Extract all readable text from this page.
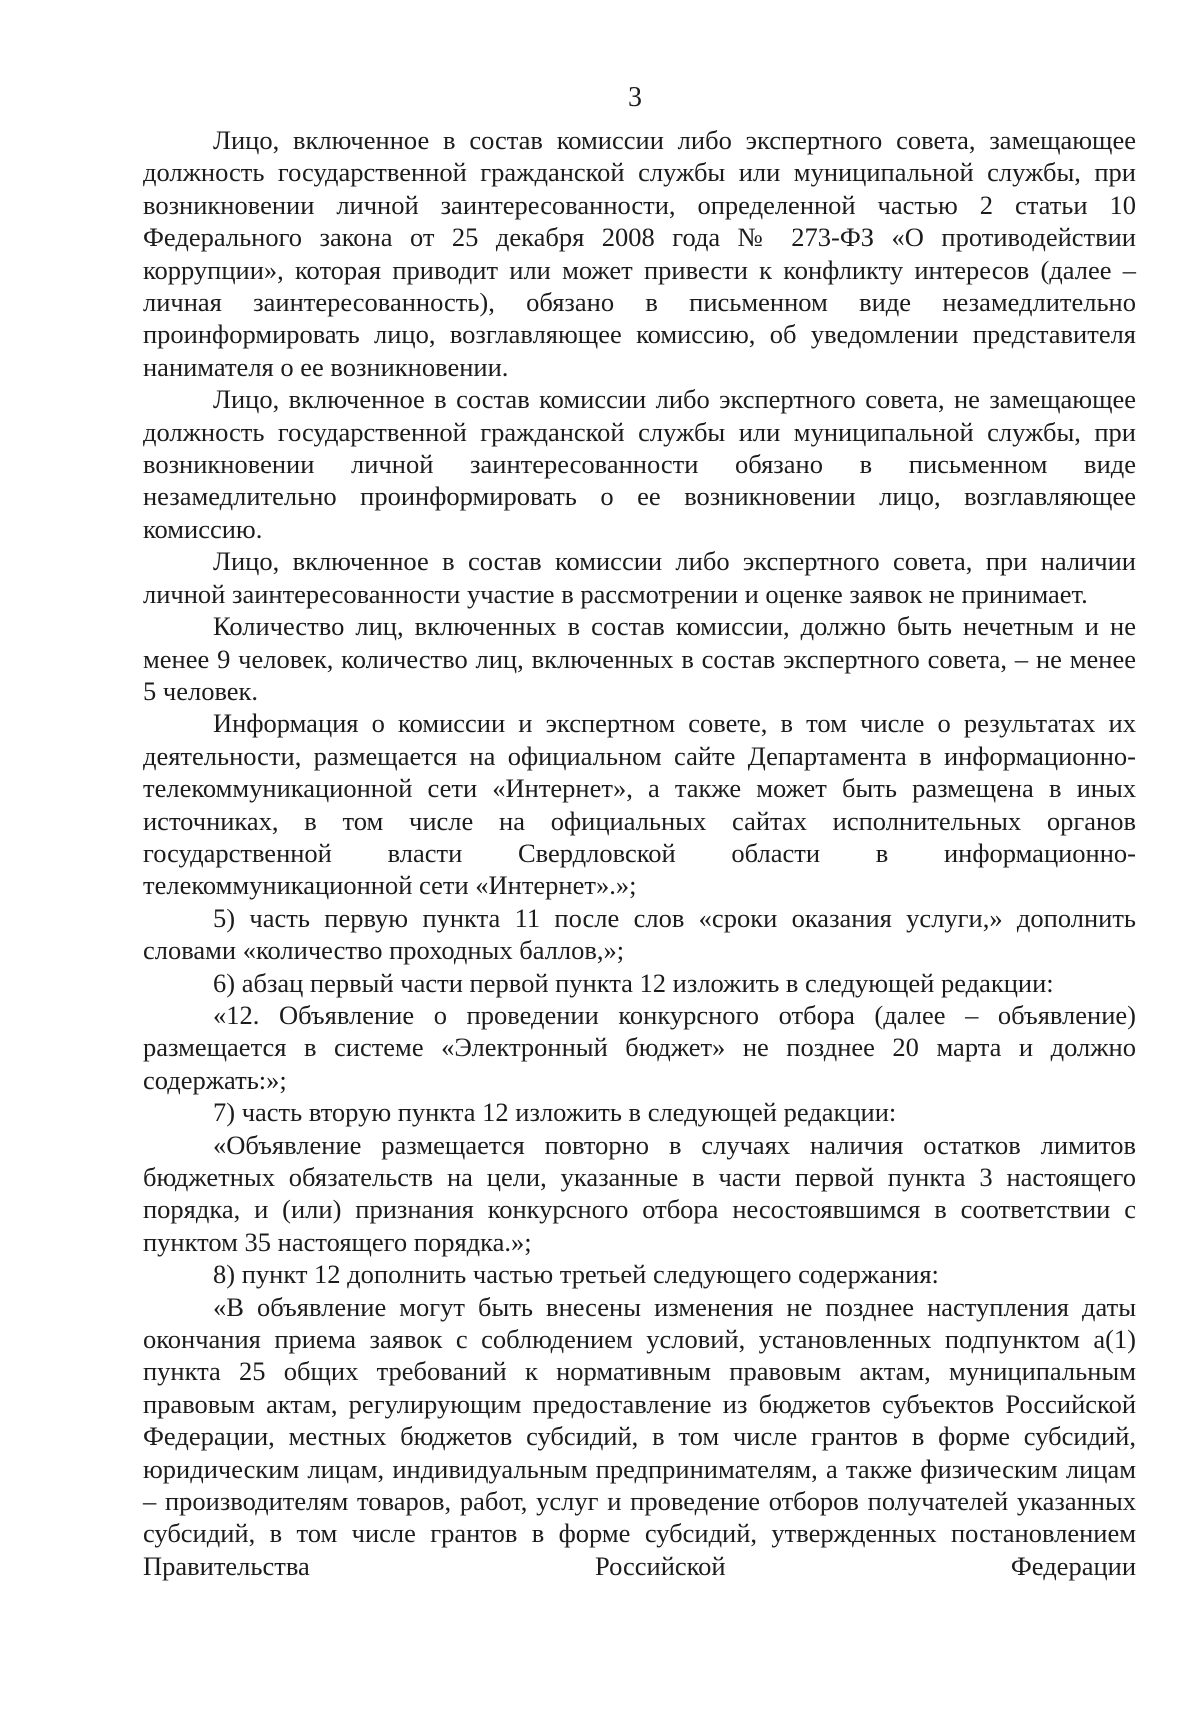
3

Лицо, включенное в состав комиссии либо экспертного совета, замещающее должность государственной гражданской службы или муниципальной службы, при возникновении личной заинтересованности, определенной частью 2 статьи 10 Федерального закона от 25 декабря 2008 года № 273-ФЗ «О противодействии коррупции», которая приводит или может привести к конфликту интересов (далее – личная заинтересованность), обязано в письменном виде незамедлительно проинформировать лицо, возглавляющее комиссию, об уведомлении представителя нанимателя о ее возникновении.

Лицо, включенное в состав комиссии либо экспертного совета, не замещающее должность государственной гражданской службы или муниципальной службы, при возникновении личной заинтересованности обязано в письменном виде незамедлительно проинформировать о ее возникновении лицо, возглавляющее комиссию.

Лицо, включенное в состав комиссии либо экспертного совета, при наличии личной заинтересованности участие в рассмотрении и оценке заявок не принимает.

Количество лиц, включенных в состав комиссии, должно быть нечетным и не менее 9 человек, количество лиц, включенных в состав экспертного совета, – не менее 5 человек.

Информация о комиссии и экспертном совете, в том числе о результатах их деятельности, размещается на официальном сайте Департамента в информационно-телекоммуникационной сети «Интернет», а также может быть размещена в иных источниках, в том числе на официальных сайтах исполнительных органов государственной власти Свердловской области в информационно-телекоммуникационной сети «Интернет».»;

5) часть первую пункта 11 после слов «сроки оказания услуги,» дополнить словами «количество проходных баллов,»;

6) абзац первый части первой пункта 12 изложить в следующей редакции:

«12. Объявление о проведении конкурсного отбора (далее – объявление) размещается в системе «Электронный бюджет» не позднее 20 марта и должно содержать:»;

7) часть вторую пункта 12 изложить в следующей редакции:

«Объявление размещается повторно в случаях наличия остатков лимитов бюджетных обязательств на цели, указанные в части первой пункта 3 настоящего порядка, и (или) признания конкурсного отбора несостоявшимся в соответствии с пунктом 35 настоящего порядка.»;

8) пункт 12 дополнить частью третьей следующего содержания:

«В объявление могут быть внесены изменения не позднее наступления даты окончания приема заявок с соблюдением условий, установленных подпунктом а(1) пункта 25 общих требований к нормативным правовым актам, муниципальным правовым актам, регулирующим предоставление из бюджетов субъектов Российской Федерации, местных бюджетов субсидий, в том числе грантов в форме субсидий, юридическим лицам, индивидуальным предпринимателям, а также физическим лицам – производителям товаров, работ, услуг и проведение отборов получателей указанных субсидий, в том числе грантов в форме субсидий, утвержденных постановлением Правительства Российской Федерации
